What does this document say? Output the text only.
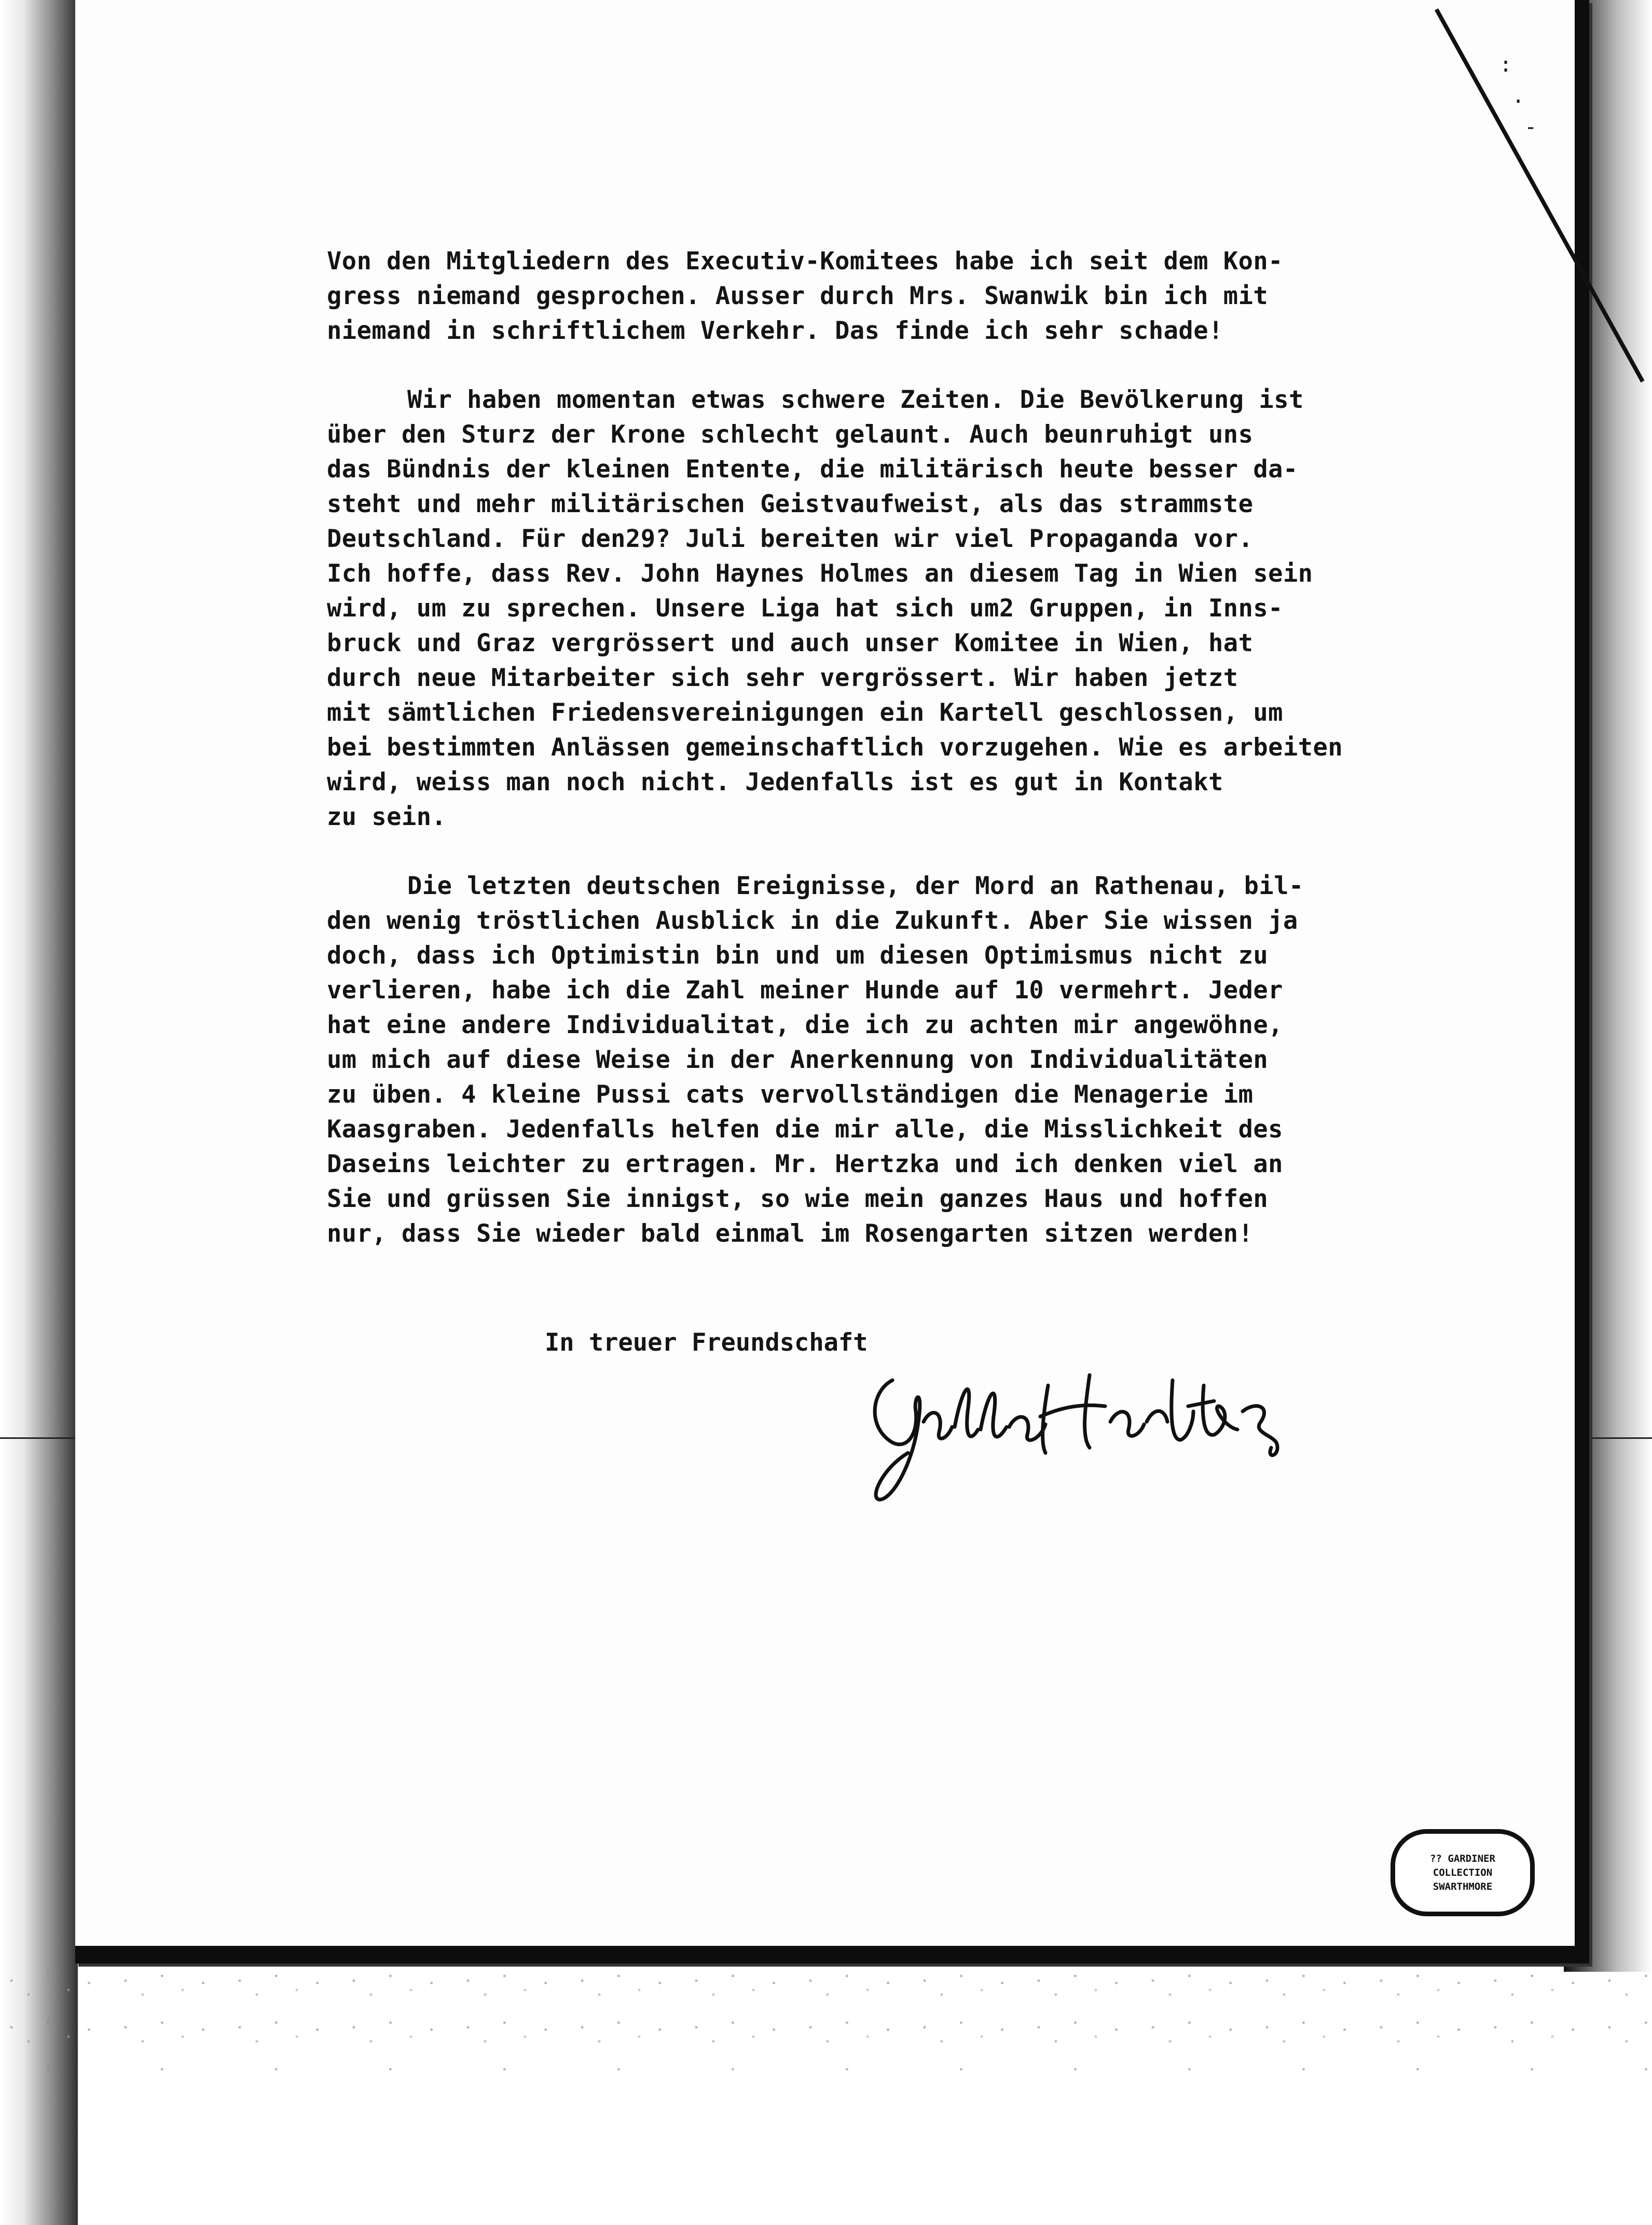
:
.
-
Von den Mitgliedern des Executiv-Komitees habe ich seit dem Kon-
gress niemand gesprochen. Ausser durch Mrs. Swanwik bin ich mit
niemand in schriftlichem Verkehr. Das finde ich sehr schade!
Wir haben momentan etwas schwere Zeiten. Die Bevölkerung ist
über den Sturz der Krone schlecht gelaunt. Auch beunruhigt uns
das Bündnis der kleinen Entente, die militärisch heute besser da-
steht und mehr militärischen Geistvaufweist, als das strammste
Deutschland. Für den29? Juli bereiten wir viel Propaganda vor.
Ich hoffe, dass Rev. John Haynes Holmes an diesem Tag in Wien sein
wird, um zu sprechen. Unsere Liga hat sich um2 Gruppen, in Inns-
bruck und Graz vergrössert und auch unser Komitee in Wien, hat
durch neue Mitarbeiter sich sehr vergrössert. Wir haben jetzt
mit sämtlichen Friedensvereinigungen ein Kartell geschlossen, um
bei bestimmten Anlässen gemeinschaftlich vorzugehen. Wie es arbeiten
wird, weiss man noch nicht. Jedenfalls ist es gut in Kontakt
zu sein.
Die letzten deutschen Ereignisse, der Mord an Rathenau, bil-
den wenig tröstlichen Ausblick in die Zukunft. Aber Sie wissen ja
doch, dass ich Optimistin bin und um diesen Optimismus nicht zu
verlieren, habe ich die Zahl meiner Hunde auf 10 vermehrt. Jeder
hat eine andere Individualitat, die ich zu achten mir angewöhne,
um mich auf diese Weise in der Anerkennung von Individualitäten
zu üben. 4 kleine Pussi cats vervollständigen die Menagerie im
Kaasgraben. Jedenfalls helfen die mir alle, die Misslichkeit des
Daseins leichter zu ertragen. Mr. Hertzka und ich denken viel an
Sie und grüssen Sie innigst, so wie mein ganzes Haus und hoffen
nur, dass Sie wieder bald einmal im Rosengarten sitzen werden!
In treuer Freundschaft
?? GARDINER
COLLECTION
SWARTHMORE
